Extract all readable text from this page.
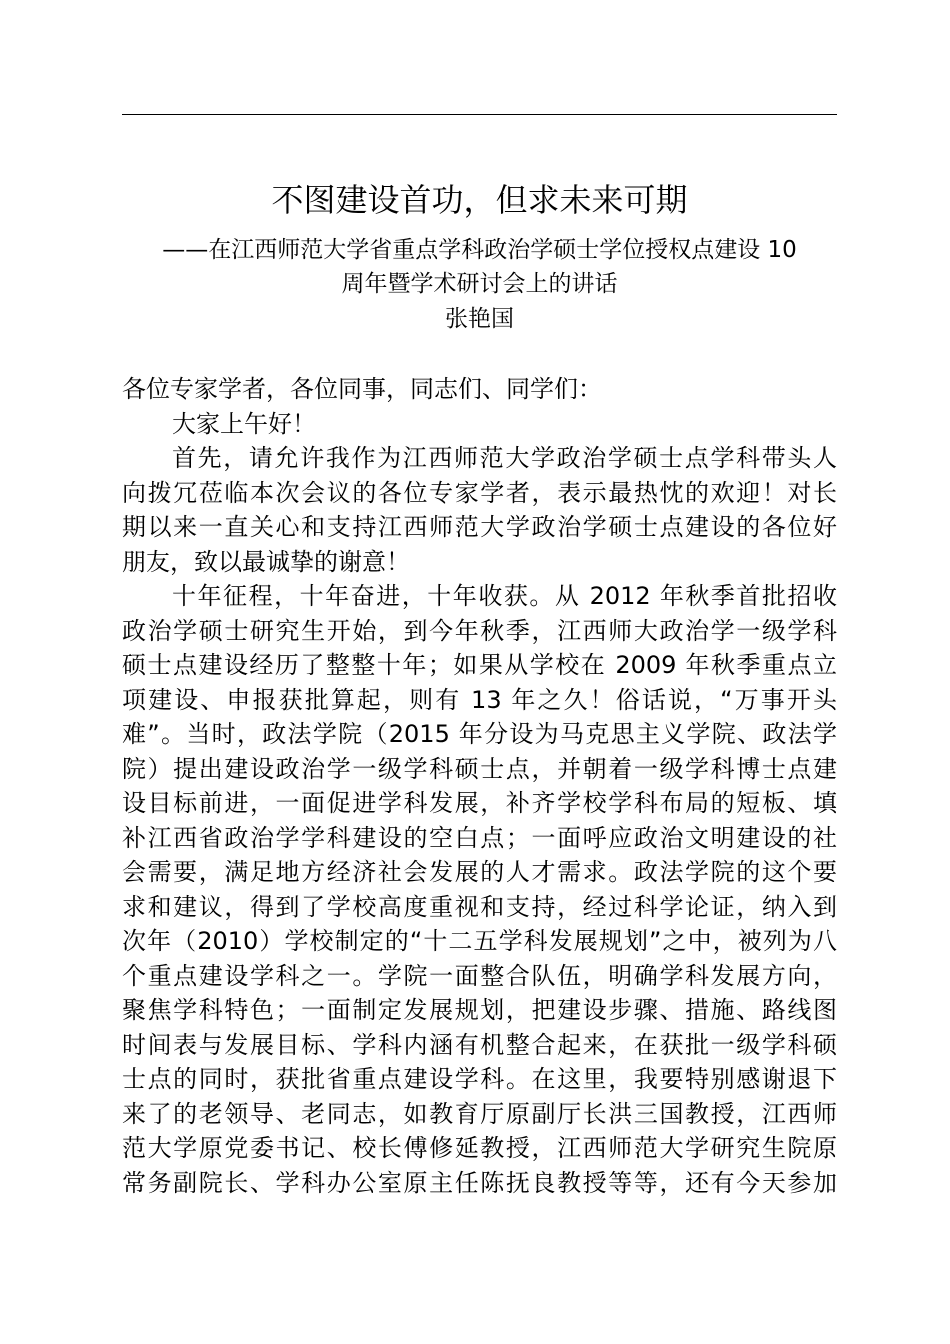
不图建设首功，但求未来可期
——在江西师范大学省重点学科政治学硕士学位授权点建设 10
周年暨学术研讨会上的讲话
张艳国
各位专家学者，各位同事，同志们、同学们：
大家上午好！
首先，请允许我作为江西师范大学政治学硕士点学科带头人
向拨冗莅临本次会议的各位专家学者，表示最热忱的欢迎！对长
期以来一直关心和支持江西师范大学政治学硕士点建设的各位好
朋友，致以最诚挚的谢意！
十年征程，十年奋进，十年收获。从 2012 年秋季首批招收
政治学硕士研究生开始，到今年秋季，江西师大政治学一级学科
硕士点建设经历了整整十年；如果从学校在 2009 年秋季重点立
项建设、申报获批算起，则有 13 年之久！俗话说，“万事开头
难”。当时，政法学院（2015 年分设为马克思主义学院、政法学
院）提出建设政治学一级学科硕士点，并朝着一级学科博士点建
设目标前进，一面促进学科发展，补齐学校学科布局的短板、填
补江西省政治学学科建设的空白点；一面呼应政治文明建设的社
会需要，满足地方经济社会发展的人才需求。政法学院的这个要
求和建议，得到了学校高度重视和支持，经过科学论证，纳入到
次年（2010）学校制定的“十二五学科发展规划”之中，被列为八
个重点建设学科之一。学院一面整合队伍，明确学科发展方向，
聚焦学科特色；一面制定发展规划，把建设步骤、措施、路线图
时间表与发展目标、学科内涵有机整合起来，在获批一级学科硕
士点的同时，获批省重点建设学科。在这里，我要特别感谢退下
来了的老领导、老同志，如教育厅原副厅长洪三国教授，江西师
范大学原党委书记、校长傅修延教授，江西师范大学研究生院原
常务副院长、学科办公室原主任陈抚良教授等等，还有今天参加
